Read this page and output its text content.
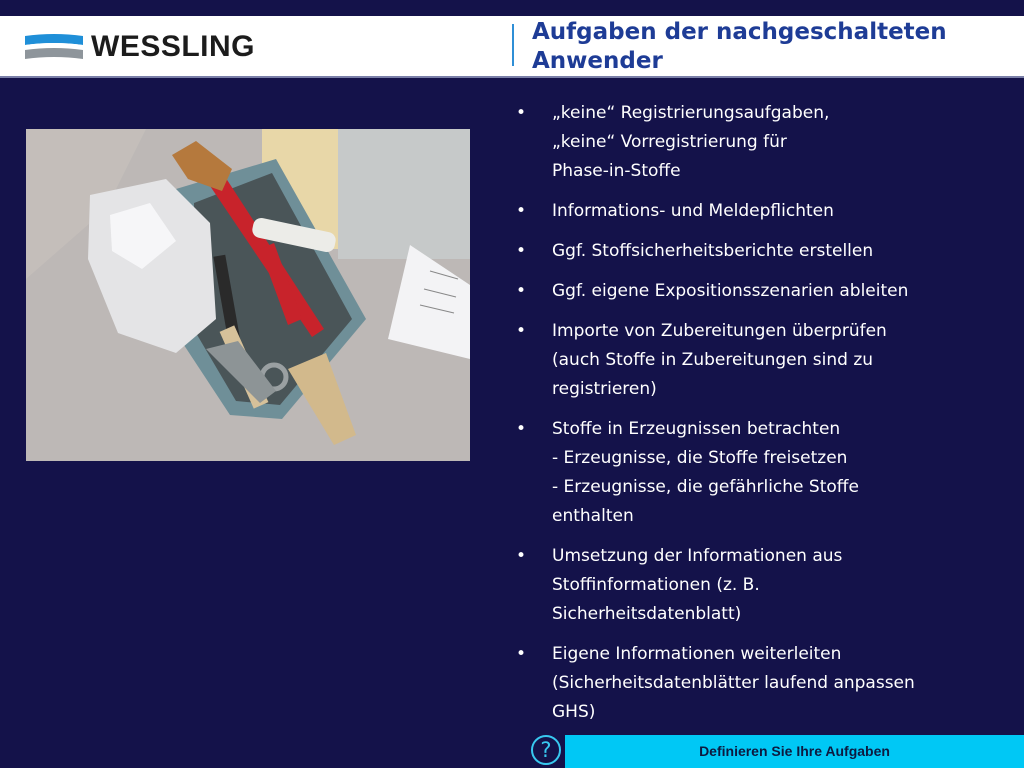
WESSLING	Aufgaben der nachgeschalteten Anwender
• „keine“ Registrierungsaufgaben,
„keine“ Vorregistrierung für
Phase-in-Stoffe
• Informations- und Meldepflichten
• Ggf. Stoffsicherheitsberichte erstellen
• Ggf. eigene Expositionsszenarien ableiten
• Importe von Zubereitungen überprüfen
(auch Stoffe in Zubereitungen sind zu
registrieren)
• Stoffe in Erzeugnissen betrachten
- Erzeugnisse, die Stoffe freisetzen
- Erzeugnisse, die gefährliche Stoffe
enthalten
• Umsetzung der Informationen aus
Stoffinformationen (z. B.
Sicherheitsdatenblatt)
• Eigene Informationen weiterleiten
(Sicherheitsdatenblätter laufend anpassen
GHS)
?	Definieren Sie Ihre Aufgaben
